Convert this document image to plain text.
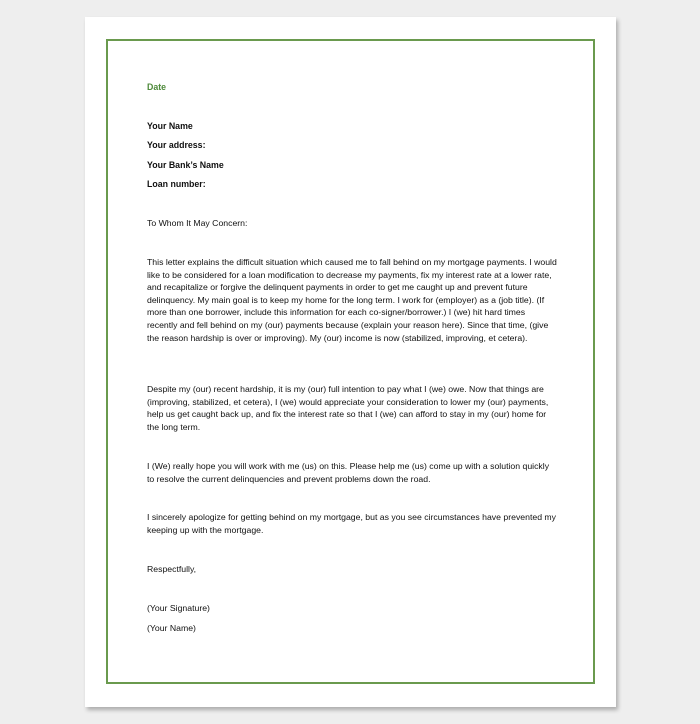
Date
Your Name
Your address:
Your Bank’s Name
Loan number:
To Whom It May Concern:
This letter explains the difficult situation which caused me to fall behind on my mortgage payments. I would like to be considered for a loan modification to decrease my payments, fix my interest rate at a lower rate, and recapitalize or forgive the delinquent payments in order to get me caught up and prevent future delinquency. My main goal is to keep my home for the long term. I work for (employer) as a (job title). (If more than one borrower, include this information for each co-signer/borrower.) I (we) hit hard times recently and fell behind on my (our) payments because (explain your reason here). Since that time, (give the reason hardship is over or improving). My (our) income is now (stabilized, improving, et cetera).
Despite my (our) recent hardship, it is my (our) full intention to pay what I (we) owe. Now that things are (improving, stabilized, et cetera), I (we) would appreciate your consideration to lower my (our) payments, help us get caught back up, and fix the interest rate so that I (we) can afford to stay in my (our) home for the long term.
I (We) really hope you will work with me (us) on this. Please help me (us) come up with a solution quickly to resolve the current delinquencies and prevent problems down the road.
I sincerely apologize for getting behind on my mortgage, but as you see circumstances have prevented my keeping up with the mortgage.
Respectfully,
(Your Signature)
(Your Name)
